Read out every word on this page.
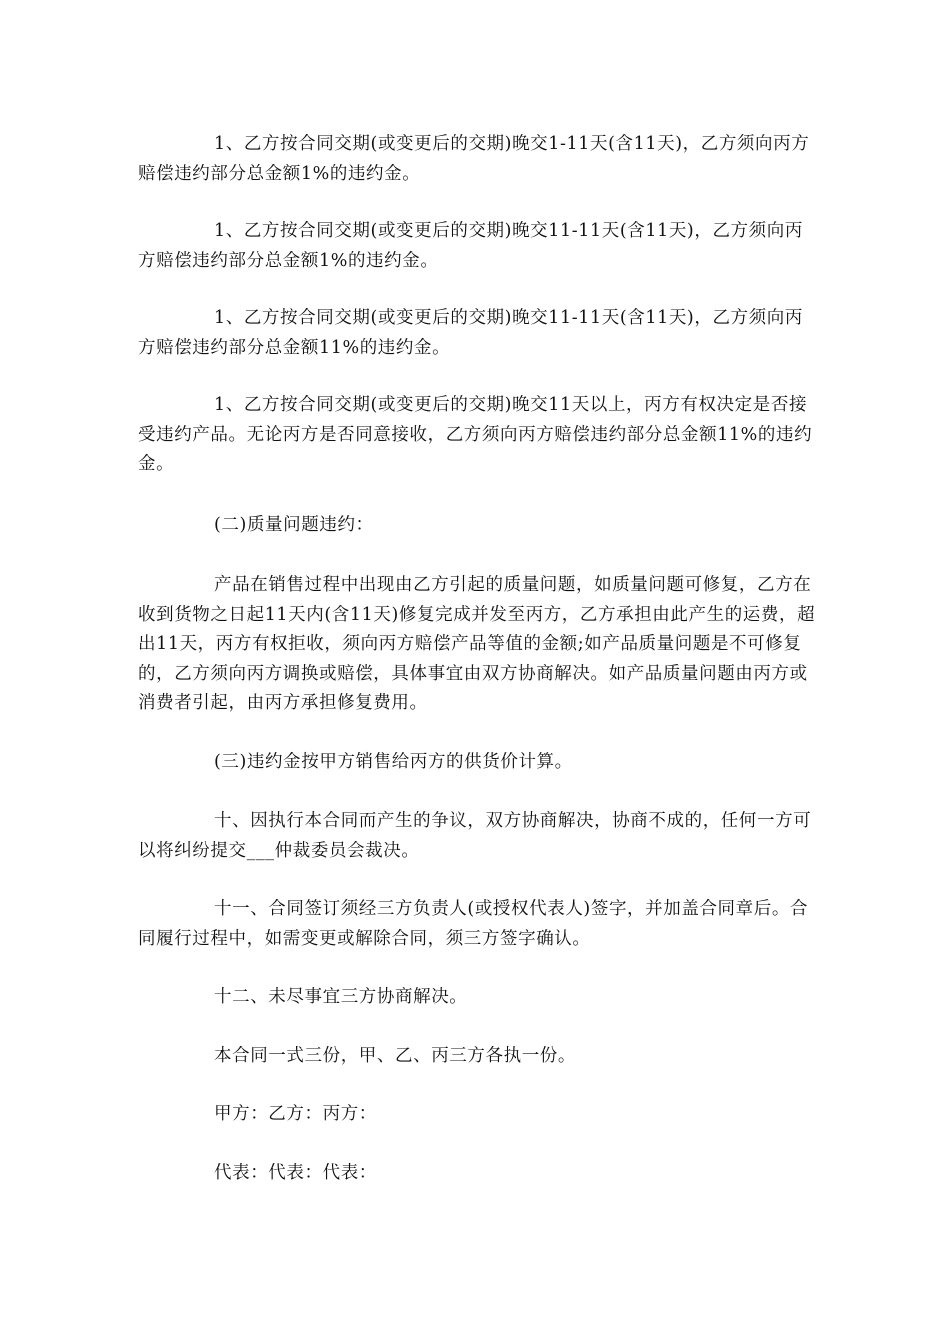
1、乙方按合同交期(或变更后的交期)晚交1-11天(含11天)，乙方须向丙方赔偿违约部分总金额1%的违约金。

1、乙方按合同交期(或变更后的交期)晚交11-11天(含11天)，乙方须向丙方赔偿违约部分总金额1%的违约金。

1、乙方按合同交期(或变更后的交期)晚交11-11天(含11天)，乙方须向丙方赔偿违约部分总金额11%的违约金。

1、乙方按合同交期(或变更后的交期)晚交11天以上，丙方有权决定是否接受违约产品。无论丙方是否同意接收，乙方须向丙方赔偿违约部分总金额11%的违约金。

(二)质量问题违约：

产品在销售过程中出现由乙方引起的质量问题，如质量问题可修复，乙方在收到货物之日起11天内(含11天)修复完成并发至丙方，乙方承担由此产生的运费，超出11天，丙方有权拒收，须向丙方赔偿产品等值的金额;如产品质量问题是不可修复的，乙方须向丙方调换或赔偿，具体事宜由双方协商解决。如产品质量问题由丙方或消费者引起，由丙方承担修复费用。

(三)违约金按甲方销售给丙方的供货价计算。

十、因执行本合同而产生的争议，双方协商解决，协商不成的，任何一方可以将纠纷提交___仲裁委员会裁决。

十一、合同签订须经三方负责人(或授权代表人)签字，并加盖合同章后。合同履行过程中，如需变更或解除合同，须三方签字确认。

十二、未尽事宜三方协商解决。

本合同一式三份，甲、乙、丙三方各执一份。

甲方：乙方：丙方：

代表：代表：代表：
